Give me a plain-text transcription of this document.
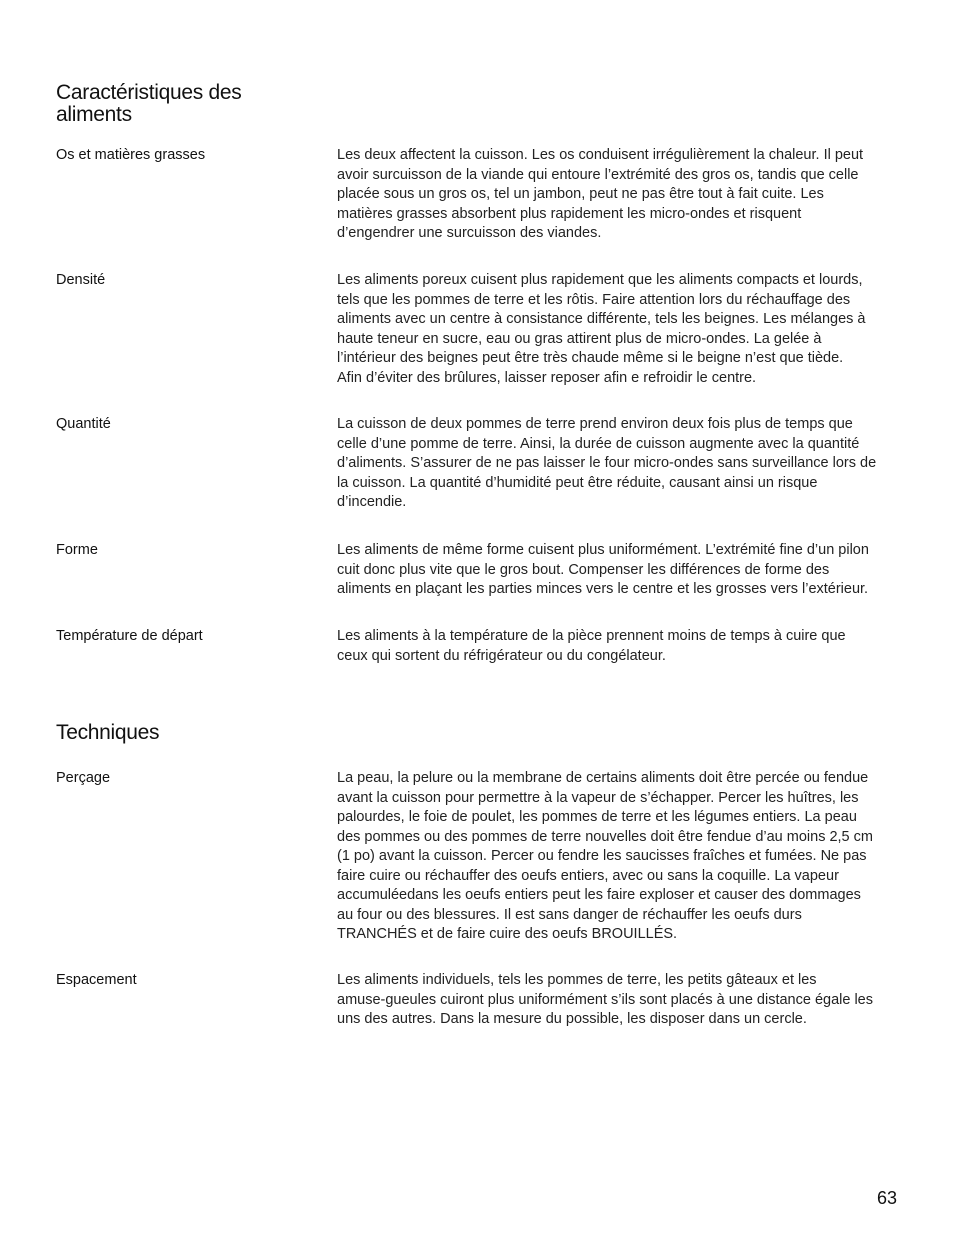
Caractéristiques des aliments
Os et matières grasses	Les deux affectent la cuisson. Les os conduisent irrégulièrement la chaleur. Il peut
avoir surcuisson de la viande qui entoure l’extrémité des gros os, tandis que celle
placée sous un gros os, tel un jambon, peut ne pas être tout à fait cuite. Les
matières grasses absorbent plus rapidement les micro-ondes et risquent
d’engendrer une surcuisson des viandes.
Densité	Les aliments poreux cuisent plus rapidement que les aliments compacts et lourds,
tels que les pommes de terre et les rôtis. Faire attention lors du réchauffage des
aliments avec un centre à consistance différente, tels les beignes. Les mélanges à
haute teneur en sucre, eau ou gras attirent plus de micro-ondes. La gelée à
l’intérieur des beignes peut être très chaude même si le beigne n’est que tiède.
Afin d’éviter des brûlures, laisser reposer afin e refroidir le centre.
Quantité	La cuisson de deux pommes de terre prend environ deux fois plus de temps que
celle d’une pomme de terre. Ainsi, la durée de cuisson augmente avec la quantité
d’aliments. S’assurer de ne pas laisser le four micro-ondes sans surveillance lors de
la cuisson. La quantité d’humidité peut être réduite, causant ainsi un risque
d’incendie.
Forme	Les aliments de même forme cuisent plus uniformément. L’extrémité fine d’un pilon
cuit donc plus vite que le gros bout. Compenser les différences de forme des
aliments en plaçant les parties minces vers le centre et les grosses vers l’extérieur.
Température de départ	Les aliments à la température de la pièce prennent moins de temps à cuire que
ceux qui sortent du réfrigérateur ou du congélateur.
Techniques
Perçage	La peau, la pelure ou la membrane de certains aliments doit être percée ou fendue
avant la cuisson pour permettre à la vapeur de s’échapper. Percer les huîtres, les
palourdes, le foie de poulet, les pommes de terre et les légumes entiers. La peau
des pommes ou des pommes de terre nouvelles doit être fendue d’au moins 2,5 cm
(1 po) avant la cuisson. Percer ou fendre les saucisses fraîches et fumées. Ne pas
faire cuire ou réchauffer des oeufs entiers, avec ou sans la coquille. La vapeur
accumuléedans les oeufs entiers peut les faire exploser et causer des dommages
au four ou des blessures. Il est sans danger de réchauffer les oeufs durs
TRANCHÉS et de faire cuire des oeufs BROUILLÉS.
Espacement	Les aliments individuels, tels les pommes de terre, les petits gâteaux et les
amuse-gueules cuiront plus uniformément s’ils sont placés à une distance égale les
uns des autres. Dans la mesure du possible, les disposer dans un cercle.
63
